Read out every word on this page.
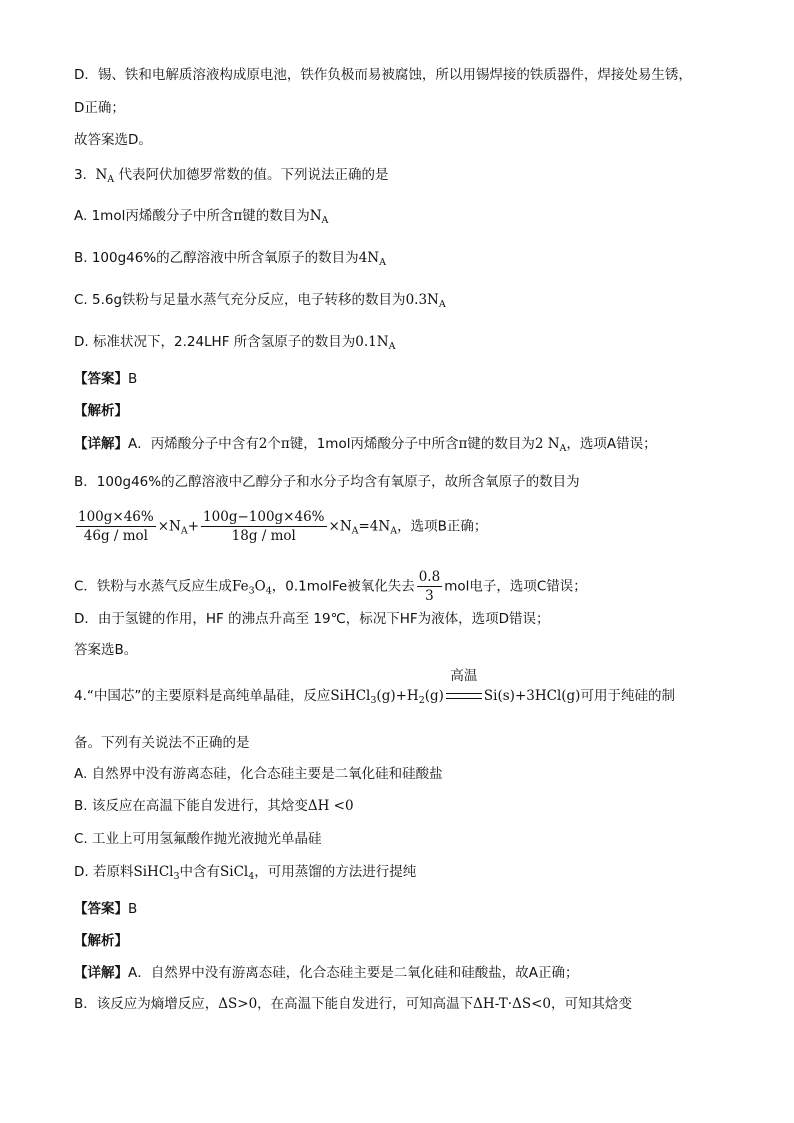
D．锡、铁和电解质溶液构成原电池，铁作负极而易被腐蚀，所以用锡焊接的铁质器件，焊接处易生锈，
D正确；
故答案选D。
3. $N_A$ 代表阿伏加德罗常数的值。下列说法正确的是
A. 1mol丙烯酸分子中所含π键的数目为$N_A$
B. 100g46%的乙醇溶液中所含氧原子的数目为$4N_A$
C. 5.6g铁粉与足量水蒸气充分反应，电子转移的数目为$0.3N_A$
D. 标准状况下，2.24LHF 所含氢原子的数目为$0.1N_A$
【答案】B
【解析】
【详解】A．丙烯酸分子中含有2个π键，1mol丙烯酸分子中所含π键的数目为2 $N_A$，选项A错误；
B．100g46%的乙醇溶液中乙醇分子和水分子均含有氧原子，故所含氧原子的数目为
$\frac{100g\times 46\%}{\text{46g / mol}} \times N_A+ \frac{100g-100g\times 46\%}{\text{18g / mol}} \times N_A=4N_A$，选项B正确；
C．铁粉与水蒸气反应生成$Fe_3O_4$，0.1molFe被氧化失去 $\frac{0.8}{3}$ mol电子，选项C错误；
D．由于氢键的作用，HF 的沸点升高至 19℃，标况下HF为液体，选项D错误；
答案选B。
4.“中国芯”的主要原料是高纯单晶硅，反应$SiHCl_3(g)+H_2(g)$
高温
Si(s)+3HCl(g)可用于纯硅的制
备。下列有关说法不正确的是
A. 自然界中没有游离态硅，化合态硅主要是二氧化硅和硅酸盐
B. 该反应在高温下能自发进行，其焓变ΔH <0
C. 工业上可用氢氟酸作抛光液抛光单晶硅
D. 若原料SiHCl$_3$中含有SiCl$_4$，可用蒸馏的方法进行提纯
【答案】B
【解析】
【详解】A．自然界中没有游离态硅，化合态硅主要是二氧化硅和硅酸盐，故A正确；
B．该反应为熵增反应，ΔS>0，在高温下能自发进行，可知高温下ΔH-T·ΔS<0，可知其焓变
